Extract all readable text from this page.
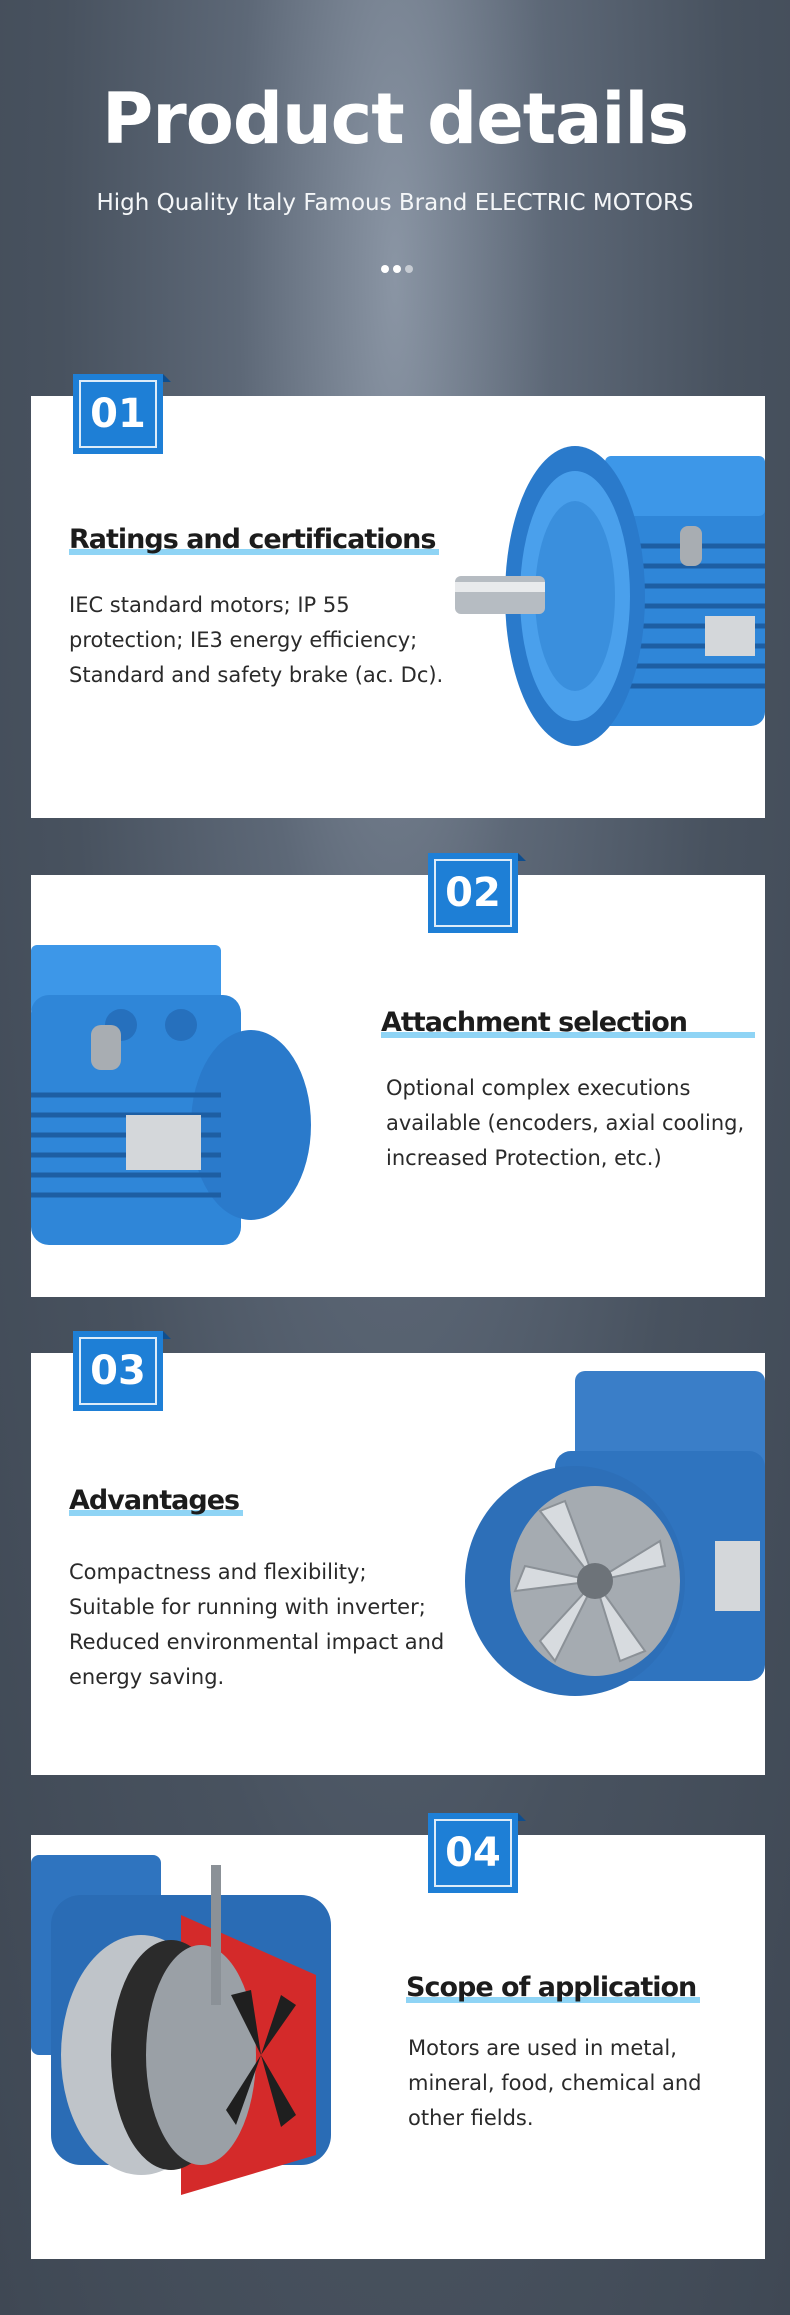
Product details
High Quality Italy Famous Brand ELECTRIC MOTORS
01
Ratings and certifications
IEC standard motors; IP 55 protection; IE3 energy efficiency; Standard and safety brake (ac. Dc).
02
Attachment selection
Optional complex executions available (encoders, axial cooling, increased Protection, etc.)
03
Advantages
Compactness and flexibility; Suitable for running with inverter; Reduced environmental impact and energy saving.
04
Scope of application
Motors are used in metal, mineral, food, chemical and other fields.
